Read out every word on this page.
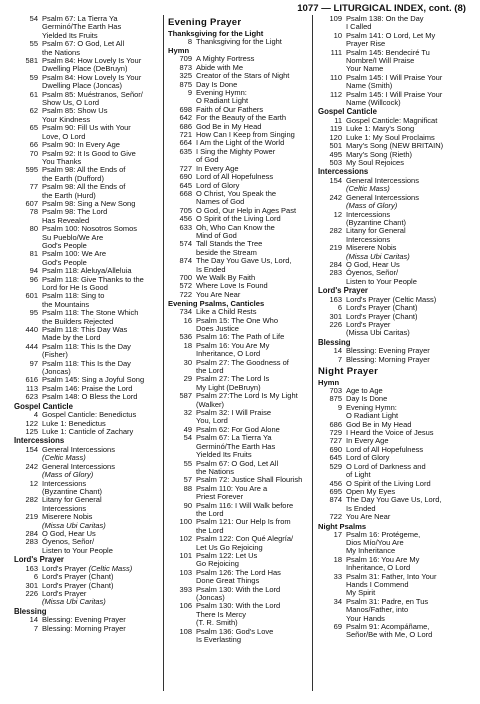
1077 — LITURGICAL INDEX, cont. (8)
54 Psalm 67: La Tierra Ya
Germinó/The Earth Has
Yielded Its Fruits
55 Psalm 67: O God, Let All
the Nations
581 Psalm 84: How Lovely Is Your
Dwelling Place (DeBruyn)
59 Psalm 84: How Lovely Is Your
Dwelling Place (Joncas)
61 Psalm 85: Muéstranos, Señor/
Show Us, O Lord
62 Psalm 85: Show Us
Your Kindness
65 Psalm 90: Fill Us with Your
Love, O Lord
66 Psalm 90: In Every Age
70 Psalm 92: It Is Good to Give
You Thanks
595 Psalm 98: All the Ends of
the Earth (Dufford)
77 Psalm 98: All the Ends of
the Earth (Hurd)
607 Psalm 98: Sing a New Song
78 Psalm 98: The Lord
Has Revealed
80 Psalm 100: Nosotros Somos
Su Pueblo/We Are
God's People
81 Psalm 100: We Are
God's People
94 Psalm 118: Aleluya/Alleluia
96 Psalm 118: Give Thanks to the
Lord for He Is Good
601 Psalm 118: Sing to
the Mountains
95 Psalm 118: The Stone Which
the Builders Rejected
440 Psalm 118: This Day Was
Made by the Lord
444 Psalm 118: This Is the Day
(Fisher)
97 Psalm 118: This Is the Day
(Joncas)
616 Psalm 145: Sing a Joyful Song
113 Psalm 146: Praise the Lord
623 Psalm 148: O Bless the Lord
Gospel Canticle
4 Gospel Canticle: Benedictus
122 Luke 1: Benedictus
125 Luke 1: Canticle of Zachary
Intercessions
154 General Intercessions
(Celtic Mass)
242 General Intercessions
(Mass of Glory)
12 Intercessions
(Byzantine Chant)
282 Litany for General
Intercessions
219 Miserere Nobis
(Missa Ubi Caritas)
284 O God, Hear Us
283 Óyenos, Señor/
Listen to Your People
Lord's Prayer
163 Lord's Prayer (Celtic Mass)
6 Lord's Prayer (Chant)
301 Lord's Prayer (Chant)
226 Lord's Prayer
(Missa Ubi Caritas)
Blessing
14 Blessing: Evening Prayer
7 Blessing: Morning Prayer
Evening Prayer
Thanksgiving for the Light
8 Thanksgiving for the Light
Hymn
709 A Mighty Fortress
873 Abide with Me
325 Creator of the Stars of Night
875 Day Is Done
9 Evening Hymn:
O Radiant Light
698 Faith of Our Fathers
642 For the Beauty of the Earth
686 God Be in My Head
721 How Can I Keep from Singing
664 I Am the Light of the World
635 I Sing the Mighty Power
of God
727 In Every Age
690 Lord of All Hopefulness
645 Lord of Glory
668 O Christ, You Speak the
Names of God
705 O God, Our Help in Ages Past
456 O Spirit of the Living Lord
633 Oh, Who Can Know the
Mind of God
574 Tall Stands the Tree
beside the Stream
874 The Day You Gave Us, Lord,
Is Ended
700 We Walk By Faith
572 Where Love Is Found
722 You Are Near
Evening Psalms, Canticles
734 Like a Child Rests
16 Psalm 15: The One Who
Does Justice
536 Psalm 16: The Path of Life
18 Psalm 16: You Are My
Inheritance, O Lord
30 Psalm 27: The Goodness of
the Lord
29 Psalm 27: The Lord Is
My Light (DeBruyn)
587 Psalm 27:The Lord Is My Light
(Walker)
32 Psalm 32: I Will Praise
You, Lord
49 Psalm 62: For God Alone
54 Psalm 67: La Tierra Ya
Germinó/The Earth Has
Yielded Its Fruits
55 Psalm 67: O God, Let All
the Nations
57 Psalm 72: Justice Shall Flourish
88 Psalm 110: You Are a
Priest Forever
90 Psalm 116: I Will Walk before
the Lord
100 Psalm 121: Our Help Is from
the Lord
102 Psalm 122: Con Qué Alegría/
Let Us Go Rejoicing
101 Psalm 122: Let Us
Go Rejoicing
103 Psalm 126: The Lord Has
Done Great Things
393 Psalm 130: With the Lord
(Joncas)
106 Psalm 130: With the Lord
There Is Mercy
(T. R. Smith)
108 Psalm 136: God's Love
Is Everlasting
109 Psalm 138: On the Day
I Called
10 Psalm 141: O Lord, Let My
Prayer Rise
111 Psalm 145: Bendeciré Tu
Nombre/I Will Praise
Your Name
110 Psalm 145: I Will Praise Your
Name (Smith)
112 Psalm 145: I Will Praise Your
Name (Willcock)
Gospel Canticle
11 Gospel Canticle: Magnificat
119 Luke 1: Mary's Song
120 Luke 1: My Soul Proclaims
501 Mary's Song (NEW BRITAIN)
495 Mary's Song (Rieth)
503 My Soul Rejoices
Intercessions
154 General Intercessions
(Celtic Mass)
242 General Intercessions
(Mass of Glory)
12 Intercessions
(Byzantine Chant)
282 Litany for General
Intercessions
219 Miserere Nobis
(Missa Ubi Caritas)
284 O God, Hear Us
283 Óyenos, Señor/
Listen to Your People
Lord's Prayer
163 Lord's Prayer (Celtic Mass)
6 Lord's Prayer (Chant)
301 Lord's Prayer (Chant)
226 Lord's Prayer
(Missa Ubi Caritas)
Blessing
14 Blessing: Evening Prayer
7 Blessing: Morning Prayer
Night Prayer
Hymn
703 Age to Age
875 Day Is Done
9 Evening Hymn:
O Radiant Light
686 God Be in My Head
729 I Heard the Voice of Jesus
727 In Every Age
690 Lord of All Hopefulness
645 Lord of Glory
529 O Lord of Darkness and
of Light
456 O Spirit of the Living Lord
695 Open My Eyes
874 The Day You Gave Us, Lord,
Is Ended
722 You Are Near
Night Psalms
17 Psalm 16: Protégeme,
Dios Mío/You Are
My Inheritance
18 Psalm 16: You Are My
Inheritance, O Lord
33 Psalm 31: Father, Into Your
Hands I Commend
My Spirit
34 Psalm 31: Padre, en Tus
Manos/Father, into
Your Hands
69 Psalm 91: Acompáñame,
Señor/Be with Me, O Lord
